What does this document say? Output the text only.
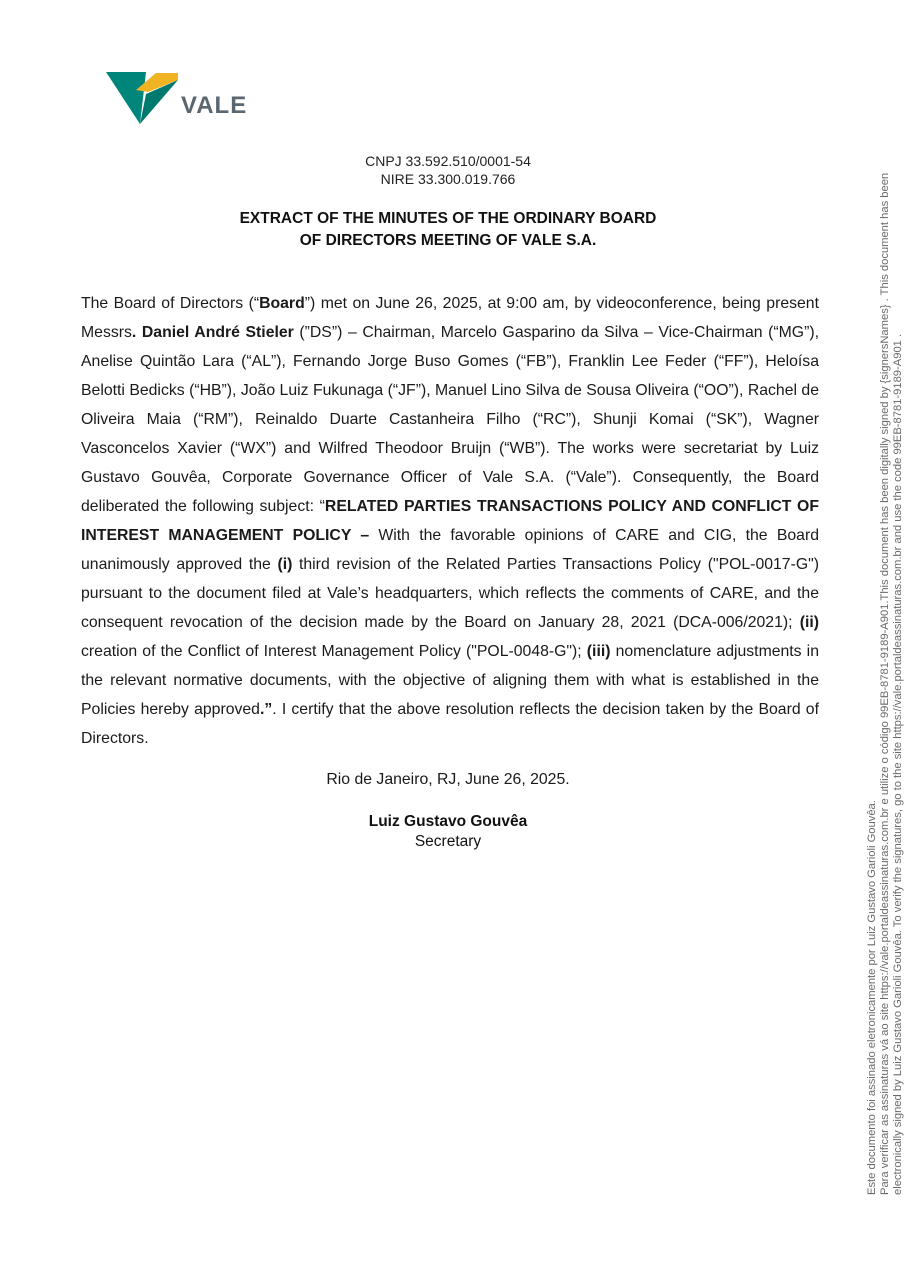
VALE
CNPJ 33.592.510/0001-54
NIRE 33.300.019.766
EXTRACT OF THE MINUTES OF THE ORDINARY BOARD
OF DIRECTORS MEETING OF VALE S.A.

The Board of Directors (“Board”) met on June 26, 2025, at 9:00 am, by videoconference, being present Messrs. Daniel André Stieler (”DS”) – Chairman, Marcelo Gasparino da Silva – Vice-Chairman (“MG”), Anelise Quintão Lara (“AL”), Fernando Jorge Buso Gomes (“FB”), Franklin Lee Feder (“FF”), Heloísa Belotti Bedicks (“HB”), João Luiz Fukunaga (“JF”), Manuel Lino Silva de Sousa Oliveira (“OO”), Rachel de Oliveira Maia (“RM”), Reinaldo Duarte Castanheira Filho (“RC”), Shunji Komai (“SK”), Wagner Vasconcelos Xavier (“WX”) and Wilfred Theodoor Bruijn (“WB”). The works were secretariat by Luiz Gustavo Gouvêa, Corporate Governance Officer of Vale S.A. (“Vale”). Consequently, the Board deliberated the following subject: “RELATED PARTIES TRANSACTIONS POLICY AND CONFLICT OF INTEREST MANAGEMENT POLICY – With the favorable opinions of CARE and CIG, the Board unanimously approved the (i) third revision of the Related Parties Transactions Policy ("POL-0017-G") pursuant to the document filed at Vale’s headquarters, which reflects the comments of CARE, and the consequent revocation of the decision made by the Board on January 28, 2021 (DCA-006/2021); (ii) creation of the Conflict of Interest Management Policy ("POL-0048-G"); (iii) nomenclature adjustments in the relevant normative documents, with the objective of aligning them with what is established in the Policies hereby approved.”. I certify that the above resolution reflects the decision taken by the Board of Directors.

Rio de Janeiro, RJ, June 26, 2025.
Luiz Gustavo Gouvêa
Secretary	Este documento foi assinado eletronicamente por Luiz Gustavo Garioli Gouvêa. Para verificar as assinaturas vá ao site https://vale.portaldeassinaturas.com.br e utilize o código 99EB-8781-9189-A901.This document has been digitally signed by {signersNames} . This document has been electronically signed by Luiz Gustavo Garioli Gouvêa. To verify the signatures, go to the site https://vale.portaldeassinaturas.com.br and use the code 99EB-8781-9189-A901 .
